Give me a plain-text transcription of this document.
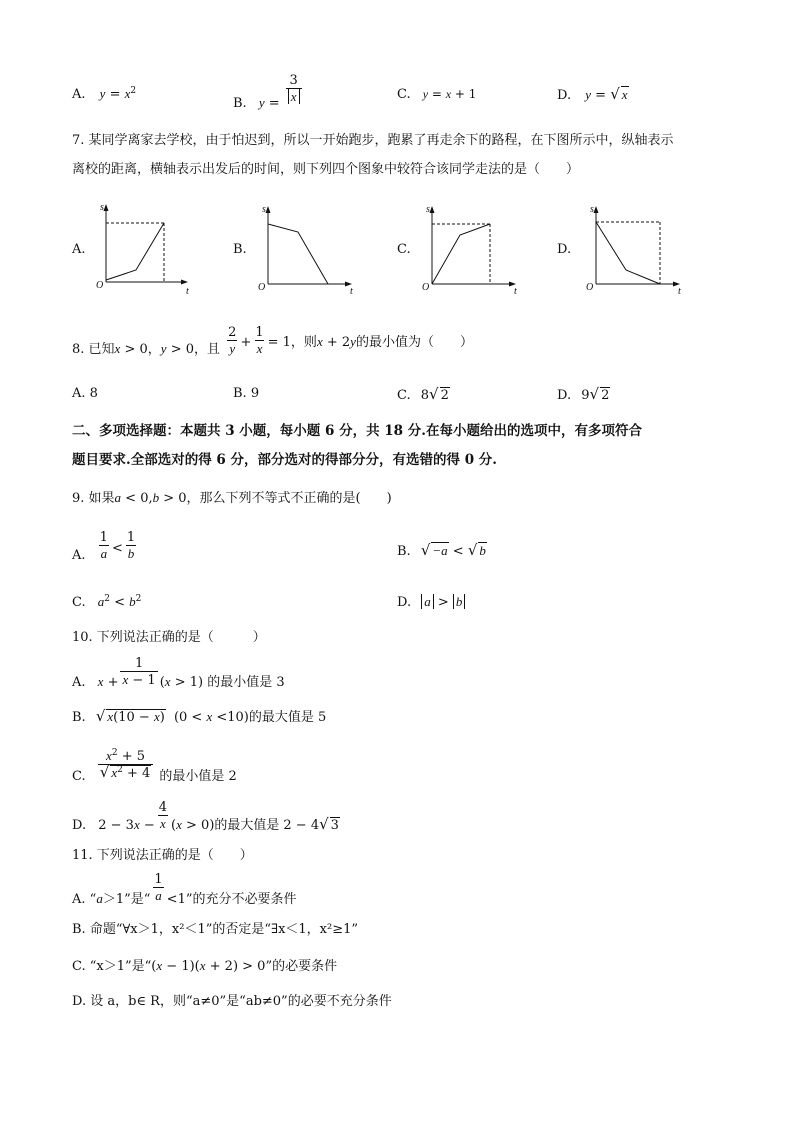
A. $y = x^2$
B. $y = \frac{3}{x}$	C. y = x + 1	D. y = √ x
7. 某同学离家去学校，由于怕迟到，所以一开始跑步，跑累了再走余下的路程，在下图所示中，纵轴表示
离校的距离，横轴表示出发后的时间，则下列四个图象中较符合该同学走法的是（　　）
A.
s
t
O
B.
s
t
O
C.
s
t
O
D.
s
t
O
8. 已知x > 0，y > 0，且 $\frac{2}{y} + \frac{1}{x} = 1$，则x + 2y的最小值为（　　）
A. 8	B. 9	C. 8√ 2	D. 9√ 2
二、多项选择题：本题共 3 小题，每小题 6 分，共 18 分.在每小题给出的选项中，有多项符合
题目要求.全部选对的得 6 分，部分选对的得部分分，有选错的得 0 分.
9. 如果a < 0,b > 0，那么下列不等式不正确的是(　　)
A. $\frac{1}{a} < \frac{1}{b}$	B. √ −a < √ b
C. $a^2 < b^2$	D. a > b
10. 下列说法正确的是（　　　）
A. $x + \frac{1}{x - 1} (x > 1)$ 的最小值是 3
B. √ x(10 − x) (0 < x <10)的最大值是 5
C. $\frac{x^2 + 5}{√ x^2 + 4}$ 的最小值是 2
D. $2 - 3x - \frac{4}{x} (x > 0)$的最大值是 2 − 4√ 3
11. 下列说法正确的是（　　）
A. “a＞1”是“ $\frac{1}{a} <1$”的充分不必要条件
B. 命题“∀x＞1，x²＜1”的否定是“∃x＜1，x²≥1”
C. “x＞1”是“(x − 1)(x + 2) > 0”的必要条件
D. 设 a，b∈ R，则“a≠0”是“ab≠0”的必要不充分条件
